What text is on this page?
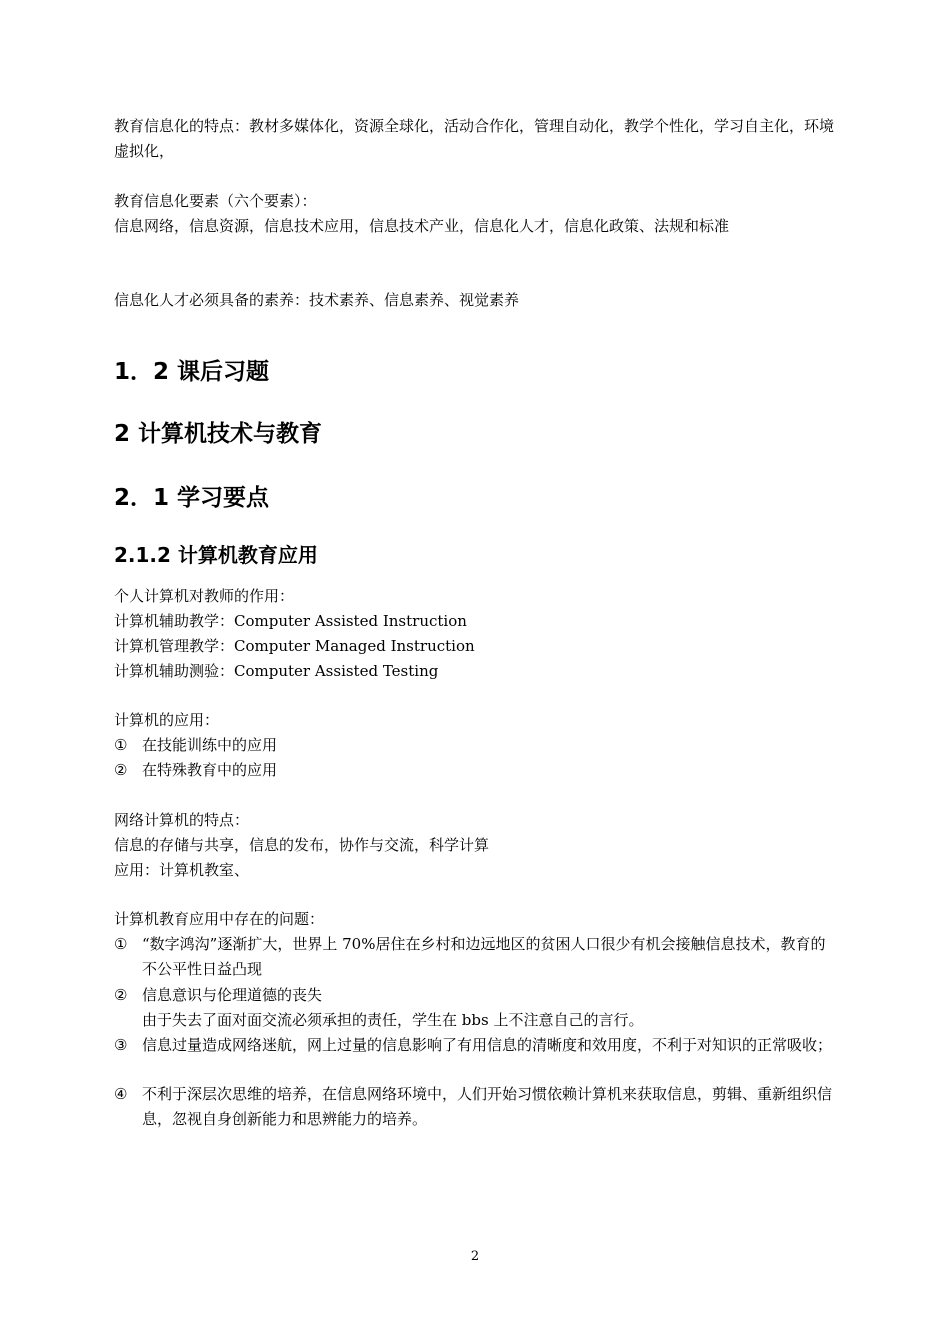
教育信息化的特点：教材多媒体化，资源全球化，活动合作化，管理自动化，教学个性化，学习自主化，环境虚拟化，
教育信息化要素（六个要素）：
信息网络，信息资源，信息技术应用，信息技术产业，信息化人才，信息化政策、法规和标准
信息化人才必须具备的素养：技术素养、信息素养、视觉素养
1．2 课后习题
2 计算机技术与教育
2．1 学习要点
2.1.2 计算机教育应用
个人计算机对教师的作用：
计算机辅助教学：Computer Assisted Instruction
计算机管理教学：Computer Managed Instruction
计算机辅助测验：Computer Assisted Testing
计算机的应用：
① 在技能训练中的应用
② 在特殊教育中的应用
网络计算机的特点：
信息的存储与共享，信息的发布，协作与交流，科学计算
应用：计算机教室、
计算机教育应用中存在的问题：
① “数字鸿沟”逐渐扩大，世界上 70%居住在乡村和边远地区的贫困人口很少有机会接触信息技术，教育的不公平性日益凸现
② 信息意识与伦理道德的丧失
由于失去了面对面交流必须承担的责任，学生在 bbs 上不注意自己的言行。
③ 信息过量造成网络迷航，网上过量的信息影响了有用信息的清晰度和效用度，不利于对知识的正常吸收；
④ 不利于深层次思维的培养，在信息网络环境中，人们开始习惯依赖计算机来获取信息，剪辑、重新组织信息，忽视自身创新能力和思辨能力的培养。
2
